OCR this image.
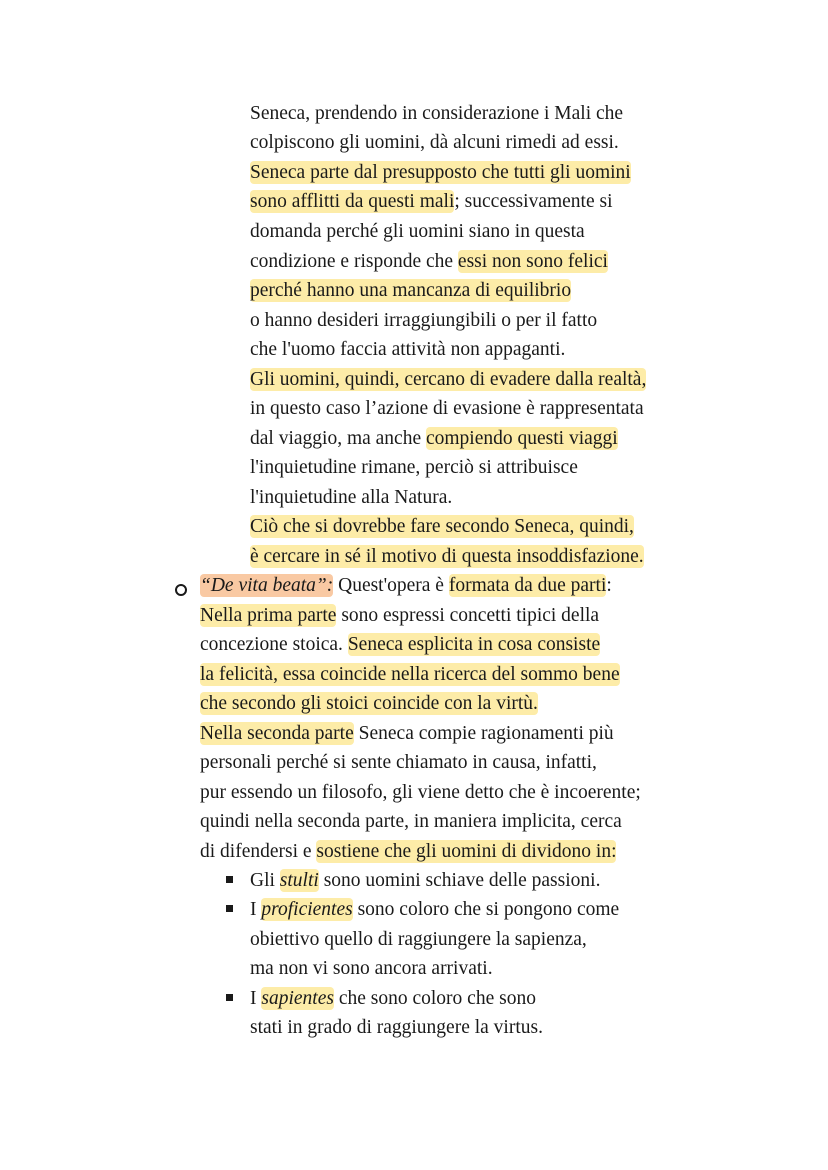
Seneca, prendendo in considerazione i Mali che
colpiscono gli uomini, dà alcuni rimedi ad essi.
Seneca parte dal presupposto che tutti gli uomini
sono afflitti da questi mali; successivamente si
domanda perché gli uomini siano in questa
condizione e risponde che essi non sono felici
perché hanno una mancanza di equilibrio
o hanno desideri irraggiungibili o per il fatto
che l'uomo faccia attività non appaganti.
Gli uomini, quindi, cercano di evadere dalla realtà,
in questo caso l’azione di evasione è rappresentata
dal viaggio, ma anche compiendo questi viaggi
l'inquietudine rimane, perciò si attribuisce
l'inquietudine alla Natura.
Ciò che si dovrebbe fare secondo Seneca, quindi,
è cercare in sé il motivo di questa insoddisfazione.
“De vita beata”: Quest'opera è formata da due parti:
Nella prima parte sono espressi concetti tipici della
concezione stoica. Seneca esplicita in cosa consiste
la felicità, essa coincide nella ricerca del sommo bene
che secondo gli stoici coincide con la virtù.
Nella seconda parte Seneca compie ragionamenti più
personali perché si sente chiamato in causa, infatti,
pur essendo un filosofo, gli viene detto che è incoerente;
quindi nella seconda parte, in maniera implicita, cerca
di difendersi e sostiene che gli uomini di dividono in:
Gli stulti sono uomini schiave delle passioni.
I proficientes sono coloro che si pongono come
obiettivo quello di raggiungere la sapienza,
ma non vi sono ancora arrivati.
I sapientes che sono coloro che sono
stati in grado di raggiungere la virtus.
